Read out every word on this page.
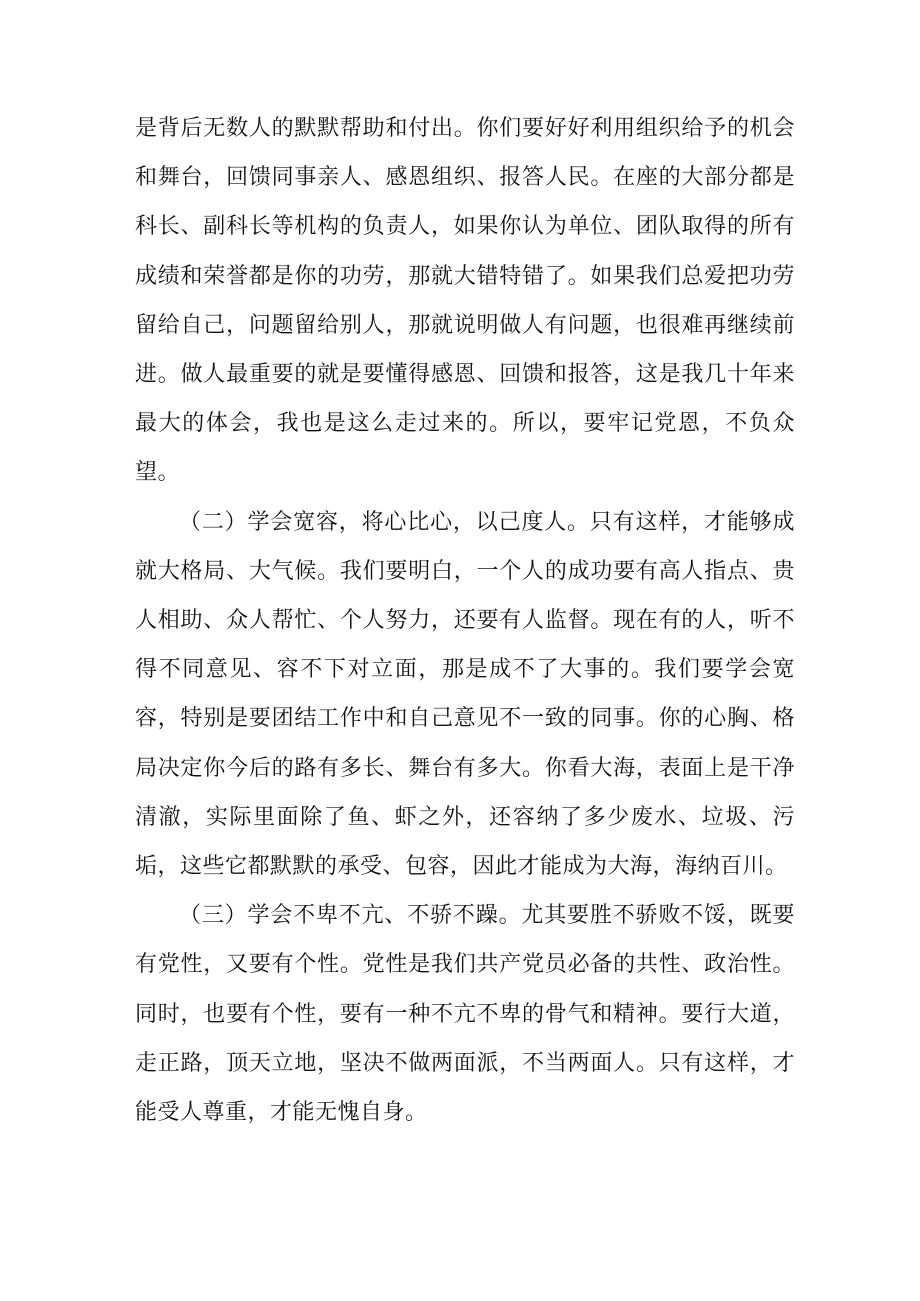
是背后无数人的默默帮助和付出。你们要好好利用组织给予的机会和舞台，回馈同事亲人、感恩组织、报答人民。在座的大部分都是科长、副科长等机构的负责人，如果你认为单位、团队取得的所有成绩和荣誉都是你的功劳，那就大错特错了。如果我们总爱把功劳留给自己，问题留给别人，那就说明做人有问题，也很难再继续前进。做人最重要的就是要懂得感恩、回馈和报答，这是我几十年来最大的体会，我也是这么走过来的。所以，要牢记党恩，不负众望。

（二）学会宽容，将心比心，以己度人。只有这样，才能够成就大格局、大气候。我们要明白，一个人的成功要有高人指点、贵人相助、众人帮忙、个人努力，还要有人监督。现在有的人，听不得不同意见、容不下对立面，那是成不了大事的。我们要学会宽容，特别是要团结工作中和自己意见不一致的同事。你的心胸、格局决定你今后的路有多长、舞台有多大。你看大海，表面上是干净清澈，实际里面除了鱼、虾之外，还容纳了多少废水、垃圾、污垢，这些它都默默的承受、包容，因此才能成为大海，海纳百川。

（三）学会不卑不亢、不骄不躁。尤其要胜不骄败不馁，既要有党性，又要有个性。党性是我们共产党员必备的共性、政治性。同时，也要有个性，要有一种不亢不卑的骨气和精神。要行大道，走正路，顶天立地，坚决不做两面派，不当两面人。只有这样，才能受人尊重，才能无愧自身。
